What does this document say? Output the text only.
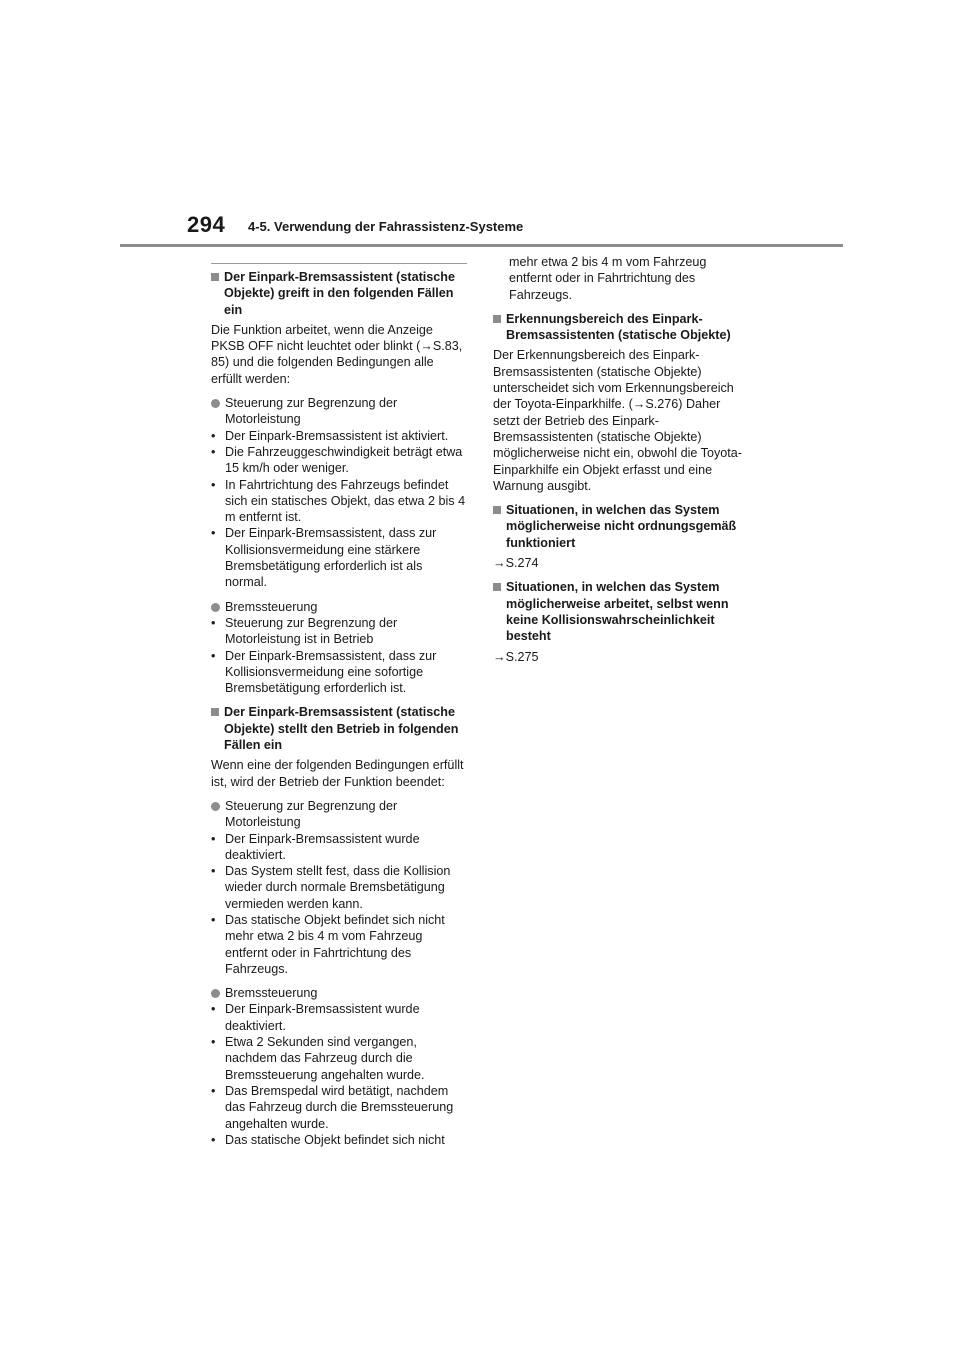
294 4-5. Verwendung der Fahrassistenz-Systeme
Der Einpark-Bremsassistent (statische Objekte) greift in den folgenden Fällen ein
Die Funktion arbeitet, wenn die Anzeige PKSB OFF nicht leuchtet oder blinkt (→S.83, 85) und die folgenden Bedingungen alle erfüllt werden:
Steuerung zur Begrenzung der Motorleistung
• Der Einpark-Bremsassistent ist aktiviert.
• Die Fahrzeuggeschwindigkeit beträgt etwa 15 km/h oder weniger.
• In Fahrtrichtung des Fahrzeugs befindet sich ein statisches Objekt, das etwa 2 bis 4 m entfernt ist.
• Der Einpark-Bremsassistent, dass zur Kollisionsvermeidung eine stärkere Bremsbetätigung erforderlich ist als normal.
Bremssteuerung
• Steuerung zur Begrenzung der Motorleistung ist in Betrieb
• Der Einpark-Bremsassistent, dass zur Kollisionsvermeidung eine sofortige Bremsbetätigung erforderlich ist.
Der Einpark-Bremsassistent (statische Objekte) stellt den Betrieb in folgenden Fällen ein
Wenn eine der folgenden Bedingungen erfüllt ist, wird der Betrieb der Funktion beendet:
Steuerung zur Begrenzung der Motorleistung
• Der Einpark-Bremsassistent wurde deaktiviert.
• Das System stellt fest, dass die Kollision wieder durch normale Bremsbetätigung vermieden werden kann.
• Das statische Objekt befindet sich nicht mehr etwa 2 bis 4 m vom Fahrzeug entfernt oder in Fahrtrichtung des Fahrzeugs.
Bremssteuerung
• Der Einpark-Bremsassistent wurde deaktiviert.
• Etwa 2 Sekunden sind vergangen, nachdem das Fahrzeug durch die Bremssteuerung angehalten wurde.
• Das Bremspedal wird betätigt, nachdem das Fahrzeug durch die Bremssteuerung angehalten wurde.
• Das statische Objekt befindet sich nicht
mehr etwa 2 bis 4 m vom Fahrzeug entfernt oder in Fahrtrichtung des Fahrzeugs.
Erkennungsbereich des Einpark-Bremsassistenten (statische Objekte)
Der Erkennungsbereich des Einpark-Bremsassistenten (statische Objekte) unterscheidet sich vom Erkennungsbereich der Toyota-Einparkhilfe. (→S.276) Daher setzt der Betrieb des Einpark-Bremsassistenten (statische Objekte) möglicherweise nicht ein, obwohl die Toyota-Einparkhilfe ein Objekt erfasst und eine Warnung ausgibt.
Situationen, in welchen das System möglicherweise nicht ordnungsgemäß funktioniert
→S.274
Situationen, in welchen das System möglicherweise arbeitet, selbst wenn keine Kollisionswahrscheinlichkeit besteht
→S.275
